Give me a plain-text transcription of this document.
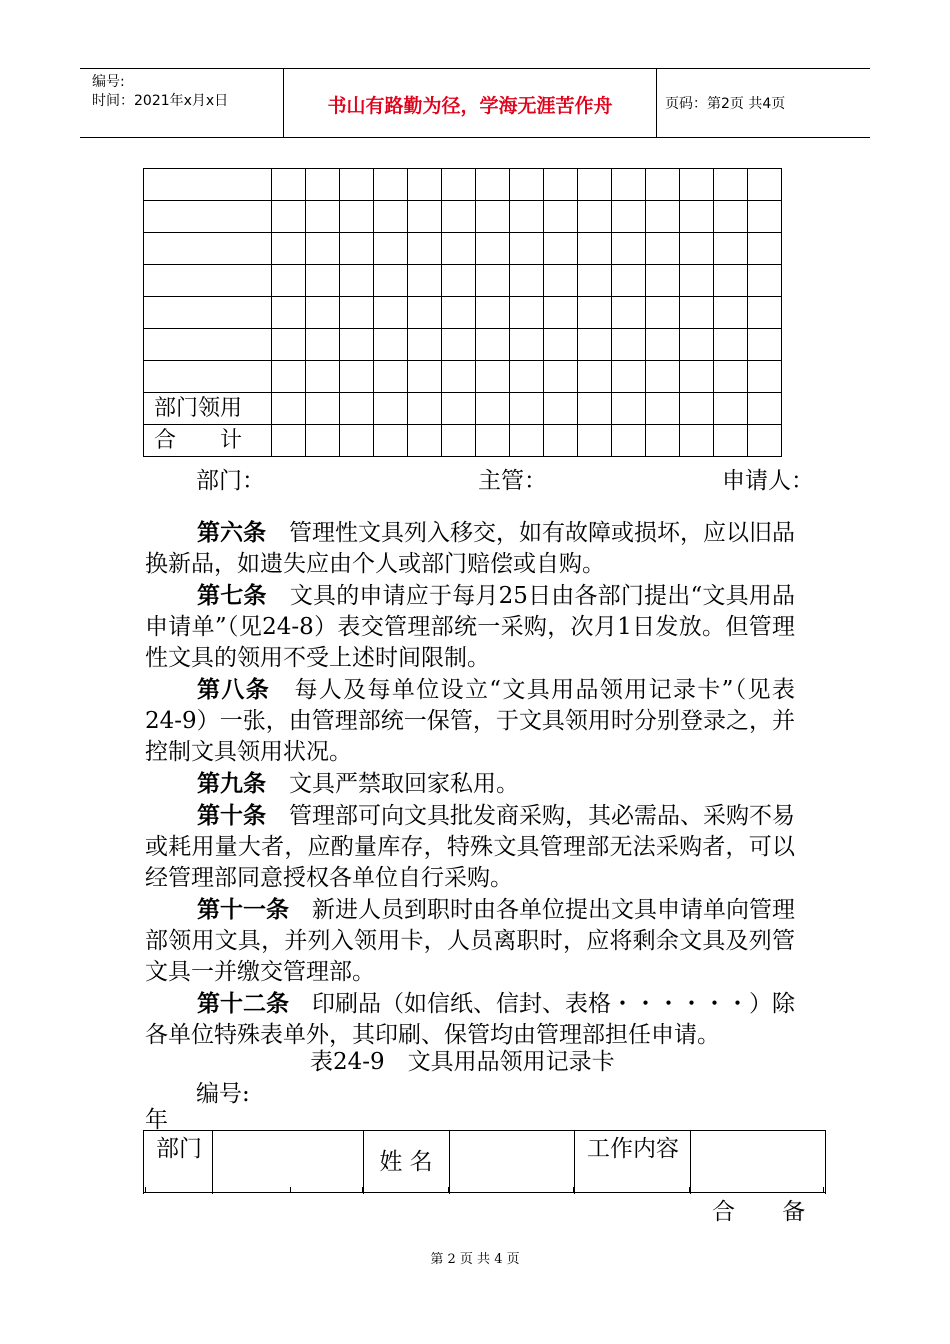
编号:
时间：2021年x月x日	书山有路勤为径，学海无涯苦作舟	页码：第2页 共4页

部门领用															
合　　计															
部门：	主管：	申请人：

第六条　 管理性文具列入移交，如有故障或损坏，应以旧品换新品，如遗失应由个人或部门赔偿或自购。

第七条　 文具的申请应于每月25日由各部门提出“文具用品申请单”（见24-8）表交管理部统一采购，次月1日发放。但管理性文具的领用不受上述时间限制。

第八条　 每人及每单位设立“文具用品领用记录卡”（见表24-9）一张，由管理部统一保管，于文具领用时分别登录之，并控制文具领用状况。

第九条　 文具严禁取回家私用。

第十条　 管理部可向文具批发商采购，其必需品、采购不易或耗用量大者，应酌量库存，特殊文具管理部无法采购者，可以经管理部同意授权各单位自行采购。

第十一条　 新进人员到职时由各单位提出文具申请单向管理部领用文具，并列入领用卡，人员离职时，应将剩余文具及列管文具一并缴交管理部。

第十二条　 印刷品（如信纸、信封、表格・・・・・・）除各单位特殊表单外，其印刷、保管均由管理部担任申请。

表24-9　文具用品领用记录卡
编号:
年
部门	姓 名	工作内容
合 备
第 2 页 共 4 页
